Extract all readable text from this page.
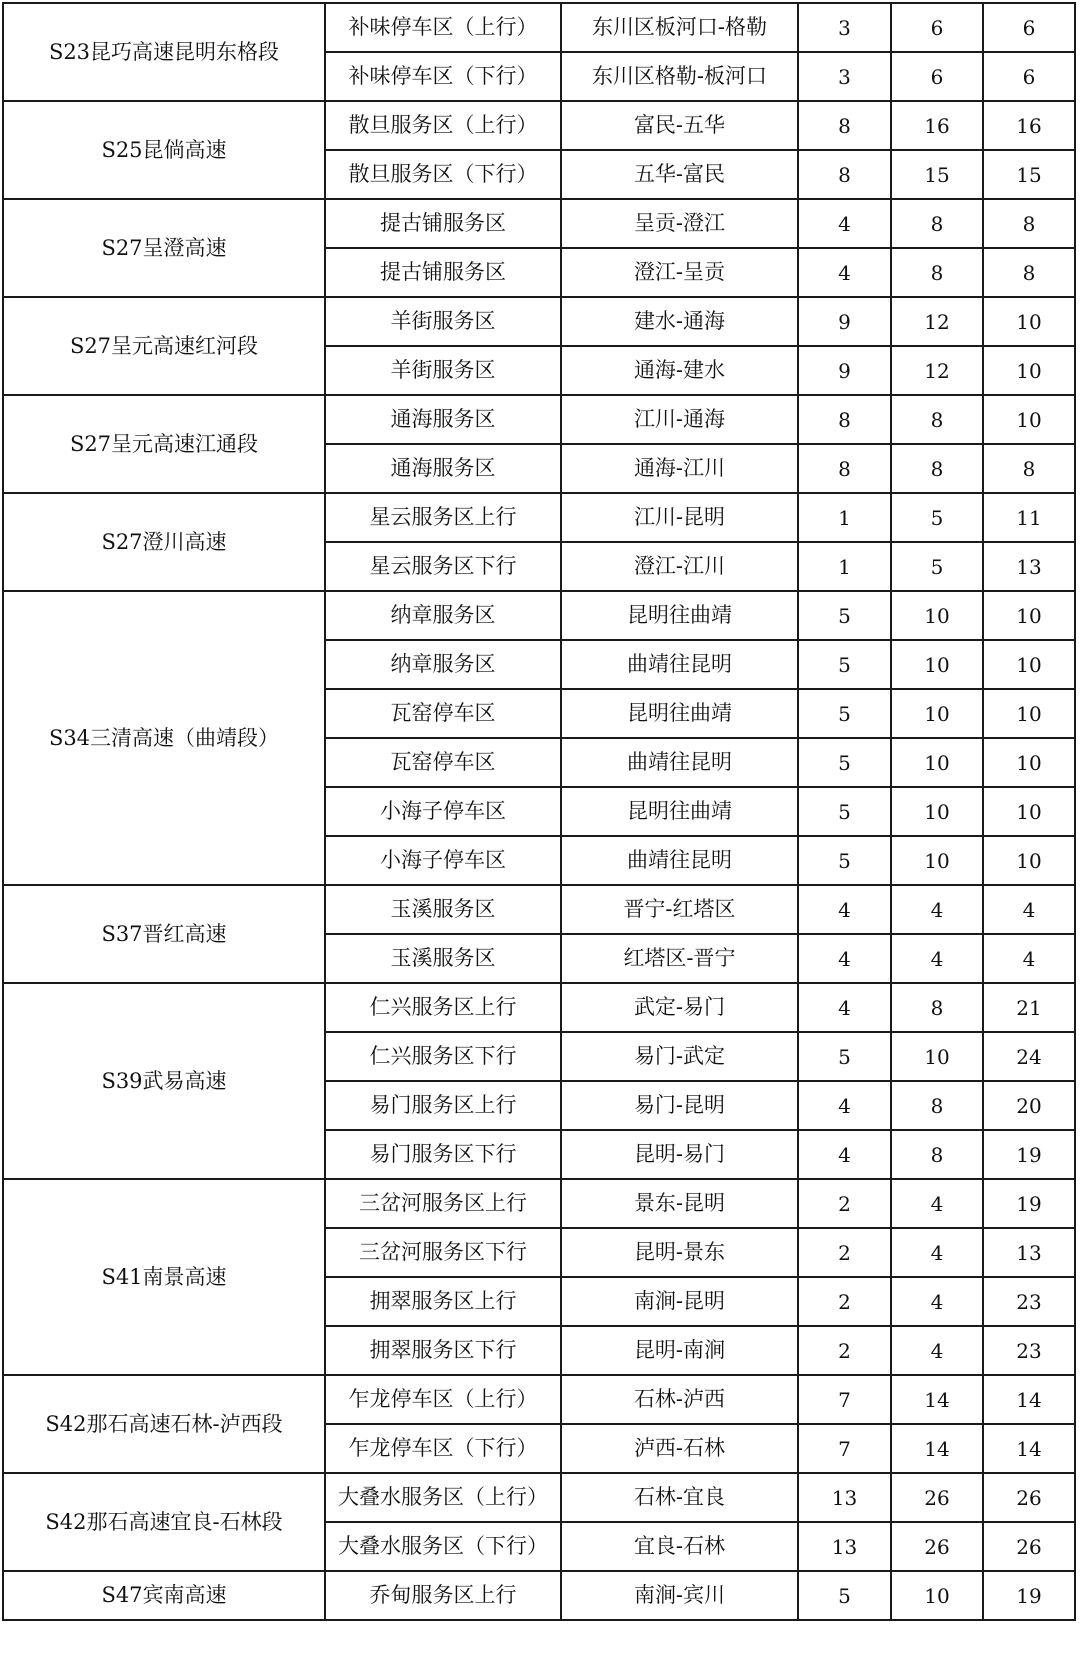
S23昆巧高速昆明东格段	补味停车区（上行）	东川区板河口-格勒	3	6	6
	补味停车区（下行）	东川区格勒-板河口	3	6	6
S25昆倘高速	散旦服务区（上行）	富民-五华	8	16	16
	散旦服务区（下行）	五华-富民	8	15	15
S27呈澄高速	提古铺服务区	呈贡-澄江	4	8	8
	提古铺服务区	澄江-呈贡	4	8	8
S27呈元高速红河段	羊街服务区	建水-通海	9	12	10
	羊街服务区	通海-建水	9	12	10
S27呈元高速江通段	通海服务区	江川-通海	8	8	10
	通海服务区	通海-江川	8	8	8
S27澄川高速	星云服务区上行	江川-昆明	1	5	11
	星云服务区下行	澄江-江川	1	5	13
S34三清高速（曲靖段）	纳章服务区	昆明往曲靖	5	10	10
	纳章服务区	曲靖往昆明	5	10	10
	瓦窑停车区	昆明往曲靖	5	10	10
	瓦窑停车区	曲靖往昆明	5	10	10
	小海子停车区	昆明往曲靖	5	10	10
	小海子停车区	曲靖往昆明	5	10	10
S37晋红高速	玉溪服务区	晋宁-红塔区	4	4	4
	玉溪服务区	红塔区-晋宁	4	4	4
S39武易高速	仁兴服务区上行	武定-易门	4	8	21
	仁兴服务区下行	易门-武定	5	10	24
	易门服务区上行	易门-昆明	4	8	20
	易门服务区下行	昆明-易门	4	8	19
S41南景高速	三岔河服务区上行	景东-昆明	2	4	19
	三岔河服务区下行	昆明-景东	2	4	13
	拥翠服务区上行	南涧-昆明	2	4	23
	拥翠服务区下行	昆明-南涧	2	4	23
S42那石高速石林-泸西段	乍龙停车区（上行）	石林-泸西	7	14	14
	乍龙停车区（下行）	泸西-石林	7	14	14
S42那石高速宜良-石林段	大叠水服务区（上行）	石林-宜良	13	26	26
	大叠水服务区（下行）	宜良-石林	13	26	26
S47宾南高速	乔甸服务区上行	南涧-宾川	5	10	19
